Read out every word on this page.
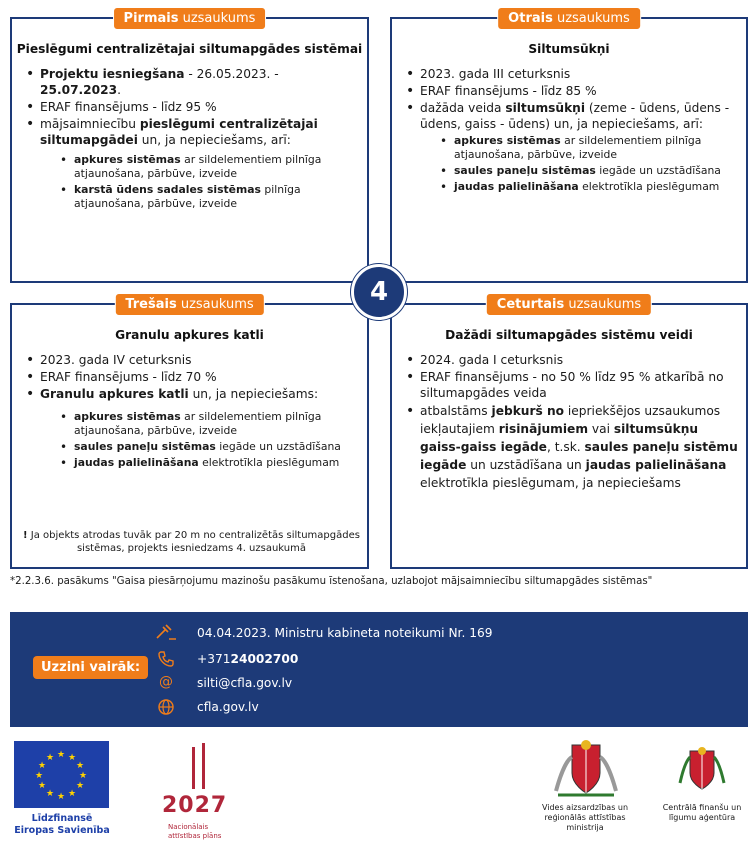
Pirmais uzsaukums
Pieslēgumi centralizētajai siltumapgādes sistēmai
• Projektu iesniegšana - 26.05.2023. - 25.07.2023.
• ERAF finansējums - līdz 95 %
• mājsaimniecību pieslēgumi centralizētajai siltumapgādei un, ja nepieciešams, arī:
• apkures sistēmas ar sildelementiem pilnīga atjaunošana, pārbūve, izveide
• karstā ūdens sadales sistēmas pilnīga atjaunošana, pārbūve, izveide
Otrais uzsaukums
Siltumsūkņi
• 2023. gada III ceturksnis
• ERAF finansējums - līdz 85 %
• dažāda veida siltumsūkņi (zeme - ūdens, ūdens - ūdens, gaiss - ūdens) un, ja nepieciešams, arī:
• apkures sistēmas ar sildelementiem pilnīga atjaunošana, pārbūve, izveide
• saules paneļu sistēmas iegāde un uzstādīšana
• jaudas palielināšana elektrotīkla pieslēgumam
Trešais uzsaukums
Granulu apkures katli
• 2023. gada IV ceturksnis
• ERAF finansējums - līdz 70 %
• Granulu apkures katli un, ja nepieciešams:
• apkures sistēmas ar sildelementiem pilnīga atjaunošana, pārbūve, izveide
• saules paneļu sistēmas iegāde un uzstādīšana
• jaudas palielināšana elektrotīkla pieslēgumam
! Ja objekts atrodas tuvāk par 20 m no centralizētās siltumapgādes sistēmas, projekts iesniedzams 4. uzsaukumā
Ceturtais uzsaukums
Dažādi siltumapgādes sistēmu veidi
• 2024. gada I ceturksnis
• ERAF finansējums - no 50 % līdz 95 % atkarībā no siltumapgādes veida
• atbalstāms jebkurš no iepriekšējos uzsaukumos iekļautajiem risinājumiem vai siltumsūkņu gaiss-gaiss iegāde, t.sk. saules paneļu sistēmu iegāde un uzstādīšana un jaudas palielināšana elektrotīkla pieslēgumam, ja nepieciešams
4
*2.2.3.6. pasākums "Gaisa piesārņojumu mazinošu pasākumu īstenošana, uzlabojot mājsaimniecību siltumapgādes sistēmas"
Uzzini vairāk:
04.04.2023. Ministru kabineta noteikumi Nr. 169
+371 24002700
@	silti@cfla.gov.lv
cfla.gov.lv
★ ★
★
★
★
★
★
★
★
★
★
★
Līdzfinansē
Eiropas Savienība
2027
Nacionālais
attīstības plāns
Vides aizsardzības un
reģionālās attīstības
ministrija
Centrālā finanšu un
līgumu aģentūra
